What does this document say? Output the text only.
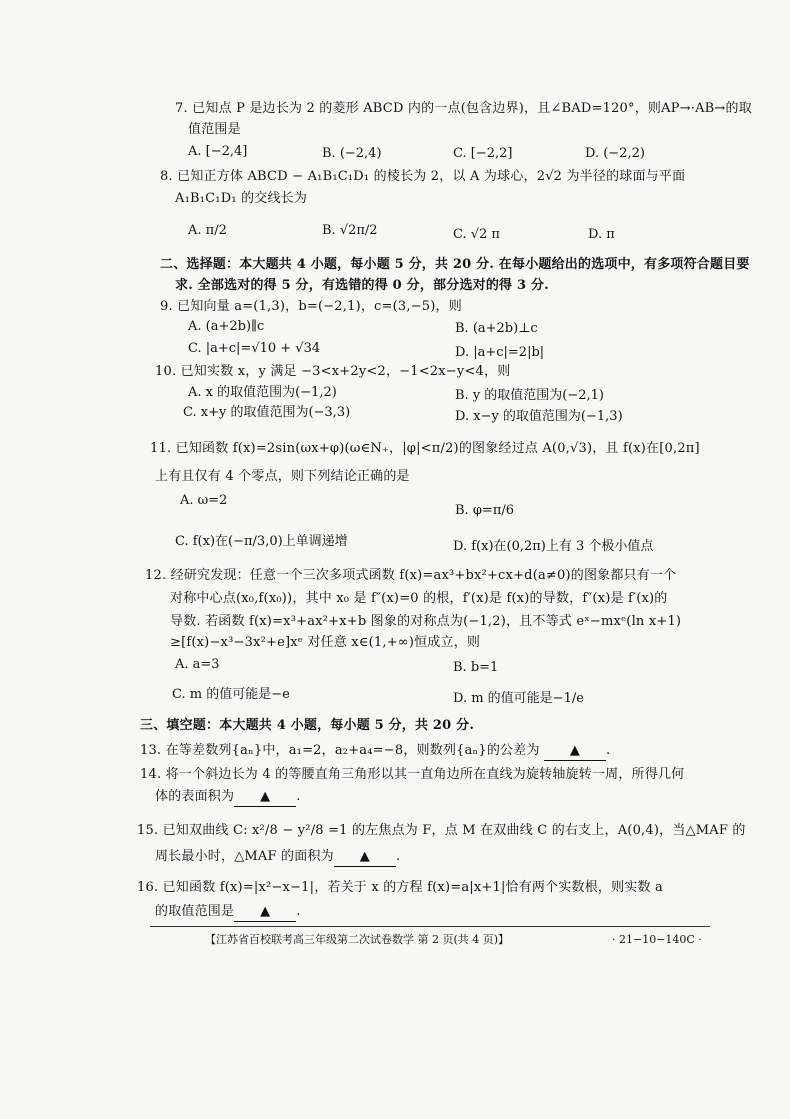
7. 已知点 P 是边长为 2 的菱形 ABCD 内的一点(包含边界)，且∠BAD=120°，则AP→·AB→的取
值范围是
A. [−2,4]	B. (−2,4)	C. [−2,2]	D. (−2,2)
8. 已知正方体 ABCD − A₁B₁C₁D₁ 的棱长为 2，以 A 为球心，2√2 为半径的球面与平面
A₁B₁C₁D₁ 的交线长为
A. π/2	B. √2π/2	C. √2 π	D. π
二、选择题：本大题共 4 小题，每小题 5 分，共 20 分. 在每小题给出的选项中，有多项符合题目要
求. 全部选对的得 5 分，有选错的得 0 分，部分选对的得 3 分.
9. 已知向量 a=(1,3)，b=(−2,1)，c=(3,−5)，则
A. (a+2b)∥c	B. (a+2b)⊥c
C. |a+c|=√10 + √34	D. |a+c|=2|b|
10. 已知实数 x，y 满足 −3<x+2y<2，−1<2x−y<4，则
A. x 的取值范围为(−1,2)	B. y 的取值范围为(−2,1)
C. x+y 的取值范围为(−3,3)	D. x−y 的取值范围为(−1,3)
11. 已知函数 f(x)=2sin(ωx+φ)(ω∈N₊，|φ|<π/2)的图象经过点 A(0,√3)，且 f(x)在[0,2π]
上有且仅有 4 个零点，则下列结论正确的是
A. ω=2
B. φ=π/6
C. f(x)在(−π/3,0)上单调递增	D. f(x)在(0,2π)上有 3 个极小值点
12. 经研究发现：任意一个三次多项式函数 f(x)=ax³+bx²+cx+d(a≠0)的图象都只有一个
对称中心点(x₀,f(x₀))，其中 x₀ 是 f″(x)=0 的根，f′(x)是 f(x)的导数，f″(x)是 f′(x)的
导数. 若函数 f(x)=x³+ax²+x+b 图象的对称点为(−1,2)，且不等式 eˣ−mxᵉ(ln x+1)
≥[f(x)−x³−3x²+e]xᵉ 对任意 x∈(1,+∞)恒成立，则
A. a=3	B. b=1
C. m 的值可能是−e	D. m 的值可能是−1/e
三、填空题：本大题共 4 小题，每小题 5 分，共 20 分.
13. 在等差数列{aₙ}中，a₁=2，a₂+a₄=−8，则数列{aₙ}的公差为 ▲ .
14. 将一个斜边长为 4 的等腰直角三角形以其一直角边所在直线为旋转轴旋转一周，所得几何
体的表面积为 ▲ .
15. 已知双曲线 C: x²/8 − y²/8 =1 的左焦点为 F，点 M 在双曲线 C 的右支上，A(0,4)，当△MAF 的
周长最小时，△MAF 的面积为 ▲ .
16. 已知函数 f(x)=|x²−x−1|，若关于 x 的方程 f(x)=a|x+1|恰有两个实数根，则实数 a
的取值范围是 ▲ .
【江苏省百校联考高三年级第二次试卷数学 第 2 页(共 4 页)】	· 21−10−140C ·
